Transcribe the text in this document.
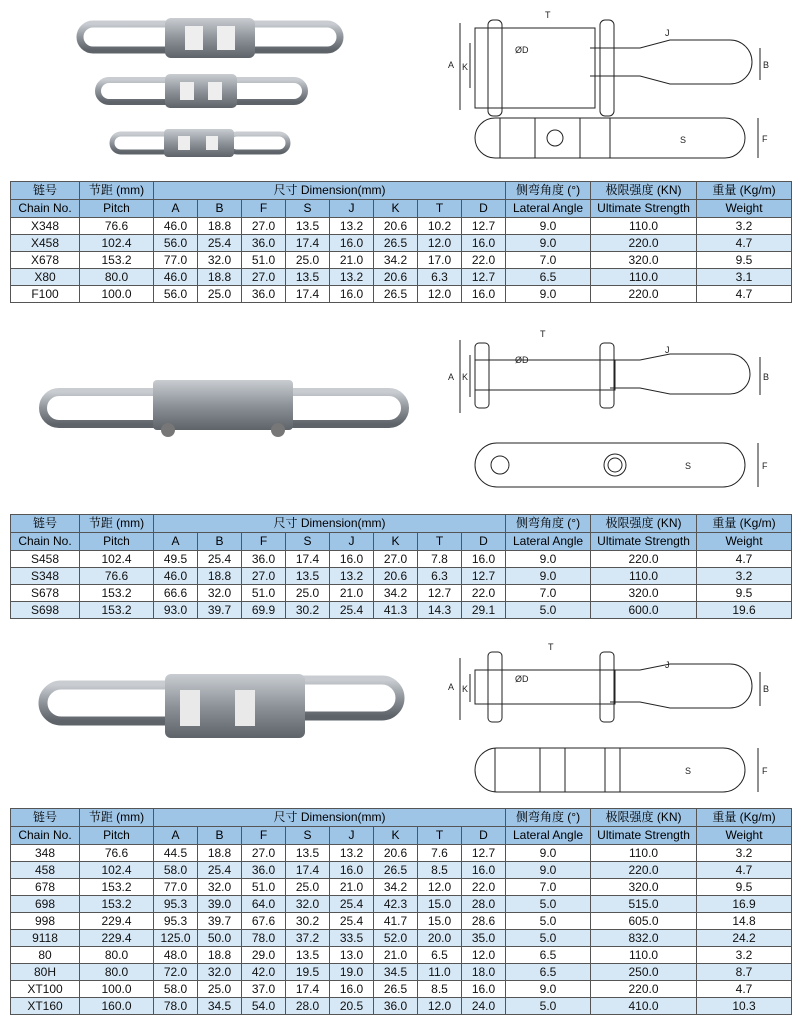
A K
ØD
T
J
B
S	F
链号	节距 (mm)	尺寸 Dimension(mm)								侧弯角度 (°)	极限强度 (KN)	重量 (Kg/m)
Chain No.	Pitch	A	B	F	S	J	K	T	D	Lateral Angle	Ultimate Strength	Weight
X348	76.6	46.0	18.8	27.0	13.5	13.2	20.6	10.2	12.7	9.0	110.0	3.2
X458	102.4	56.0	25.4	36.0	17.4	16.0	26.5	12.0	16.0	9.0	220.0	4.7
X678	153.2	77.0	32.0	51.0	25.0	21.0	34.2	17.0	22.0	7.0	320.0	9.5
X80	80.0	46.0	18.8	27.0	13.5	13.2	20.6	6.3	12.7	6.5	110.0	3.1
F100	100.0	56.0	25.0	36.0	17.4	16.0	26.5	12.0	16.0	9.0	220.0	4.7
A K
ØD
T
J
B
S	F
链号	节距 (mm)	尺寸 Dimension(mm)								侧弯角度 (°)	极限强度 (KN)	重量 (Kg/m)
Chain No.	Pitch	A	B	F	S	J	K	T	D	Lateral Angle	Ultimate Strength	Weight
S458	102.4	49.5	25.4	36.0	17.4	16.0	27.0	7.8	16.0	9.0	220.0	4.7
S348	76.6	46.0	18.8	27.0	13.5	13.2	20.6	6.3	12.7	9.0	110.0	3.2
S678	153.2	66.6	32.0	51.0	25.0	21.0	34.2	12.7	22.0	7.0	320.0	9.5
S698	153.2	93.0	39.7	69.9	30.2	25.4	41.3	14.3	29.1	5.0	600.0	19.6
A K
ØD
T
J
B
S	F
链号	节距 (mm)	尺寸 Dimension(mm)								侧弯角度 (°)	极限强度 (KN)	重量 (Kg/m)
Chain No.	Pitch	A	B	F	S	J	K	T	D	Lateral Angle	Ultimate Strength	Weight
348	76.6	44.5	18.8	27.0	13.5	13.2	20.6	7.6	12.7	9.0	110.0	3.2
458	102.4	58.0	25.4	36.0	17.4	16.0	26.5	8.5	16.0	9.0	220.0	4.7
678	153.2	77.0	32.0	51.0	25.0	21.0	34.2	12.0	22.0	7.0	320.0	9.5
698	153.2	95.3	39.0	64.0	32.0	25.4	42.3	15.0	28.0	5.0	515.0	16.9
998	229.4	95.3	39.7	67.6	30.2	25.4	41.7	15.0	28.6	5.0	605.0	14.8
9118	229.4	125.0	50.0	78.0	37.2	33.5	52.0	20.0	35.0	5.0	832.0	24.2
80	80.0	48.0	18.8	29.0	13.5	13.0	21.0	6.5	12.0	6.5	110.0	3.2
80H	80.0	72.0	32.0	42.0	19.5	19.0	34.5	11.0	18.0	6.5	250.0	8.7
XT100	100.0	58.0	25.0	37.0	17.4	16.0	26.5	8.5	16.0	9.0	220.0	4.7
XT160	160.0	78.0	34.5	54.0	28.0	20.5	36.0	12.0	24.0	5.0	410.0	10.3
